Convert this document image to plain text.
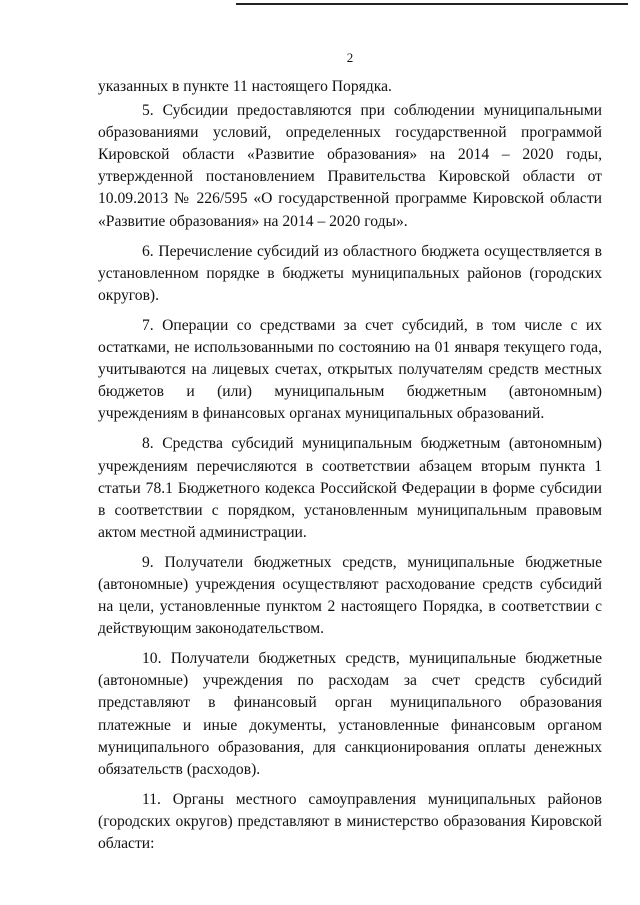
2

указанных в пункте 11 настоящего Порядка.

5. Субсидии предоставляются при соблюдении муниципальными образованиями условий, определенных государственной программой Кировской области «Развитие образования» на 2014 – 2020 годы, утвержденной постановлением Правительства Кировской области от 10.09.2013 № 226/595 «О государственной программе Кировской области «Развитие образования» на 2014 – 2020 годы».

6. Перечисление субсидий из областного бюджета осуществляется в установленном порядке в бюджеты муниципальных районов (городских округов).

7. Операции со средствами за счет субсидий, в том числе с их остатками, не использованными по состоянию на 01 января текущего года, учитываются на лицевых счетах, открытых получателям средств местных бюджетов и (или) муниципальным бюджетным (автономным) учреждениям в финансовых органах муниципальных образований.

8. Средства субсидий муниципальным бюджетным (автономным) учреждениям перечисляются в соответствии абзацем вторым пункта 1 статьи 78.1 Бюджетного кодекса Российской Федерации в форме субсидии в соответствии с порядком, установленным муниципальным правовым актом местной администрации.

9. Получатели бюджетных средств, муниципальные бюджетные (автономные) учреждения осуществляют расходование средств субсидий на цели, установленные пунктом 2 настоящего Порядка, в соответствии с действующим законодательством.

10. Получатели бюджетных средств, муниципальные бюджетные (автономные) учреждения по расходам за счет средств субсидий представляют в финансовый орган муниципального образования платежные и иные документы, установленные финансовым органом муниципального образования, для санкционирования оплаты денежных обязательств (расходов).

11. Органы местного самоуправления муниципальных районов (городских округов) представляют в министерство образования Кировской области:
